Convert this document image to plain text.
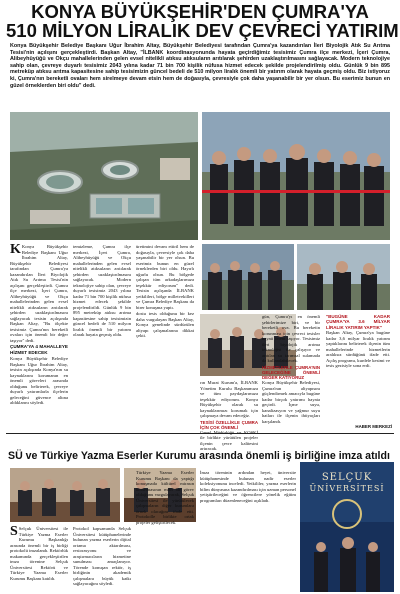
KONYA BÜYÜKŞEHİR'DEN ÇUMRA'YA
510 MİLYON LİRALIK DEV ÇEVRECİ YATIRIM
Konya Büyükşehir Belediye Başkanı Uğur İbrahim Altay, Büyükşehir Belediyesi tarafından Çumra'ya kazandırılan İleri Biyolojik Atık Su Arıtma Tesisi'nin açılışını gerçekleştirdi. Başkan Altay, "İLBANK koordinasyonunda hayata geçirdiğimiz tesisimiz Çumra ilçe merkezi, İçeri Çumra, Alibeyhüyüğü ve Okçu mahallelerinden gelen evsel nitelikli atıksu atıksuların arıtılarak şehirden uzaklaştırılmasını sağlayacak. Modern teknolojiye sahip olan, çevreye duyarlı tesisimiz 2043 yılına kadar 71 bin 700 kişilik nüfusa hizmet edecek şekilde projelendirilmiş oldu. Günlük 9 bin 895 metreküp atıksu arıtma kapasitesine sahip tesisimizin güncel bedeli de 510 milyon liralık önemli bir yatırım olarak hayata geçmiş oldu. Biz istiyoruz ki, Çumra'nın bereketli ovaları hem sirelmeye devam etsin hem de doğasıyla, çevresiyle çok daha yaşanabilir bir yer olsun. Bu eserimiz bunun en güzel örneklerden biri oldu" dedi.

K Konya Büyükşehir Belediye Başkanı Uğur İbrahim Altay, Büyükşehir Belediyesi tarafından Çumra'ya kazandırılan İleri Biyolojik Atık Su Arıtma Tesisi'nin açılışını gerçekleştirdi. Çumra ilçe merkezi, İçeri Çumra, Alibeyhüyüğü ve Okçu mahallelerinden gelen evsel nitelikli atıksuların arıtılarak şehirden uzaklaştırılmasını sağlayacak tesisin açılışında Başkan Altay, "Bu ölçekte tesisimiz Çumra'nın bereketli ovaları için önemli bir değer taşıyor" dedi.

ÇUMRA'YA 4 MAHALLEYE HİZMET EDECEK

Konya Büyükşehir Belediye Başkanı Uğur İbrahim Altay, tesisin açılışında Konya'nın su kaynaklarını korumanın en önemli görevleri arasında olduğunu belirterek, çevreye duyarlı yatırımlarla ilçelerin geleceğini güvence altına aldıklarını söyledi.

temizleme, Çumra ilçe merkezi, İçeri Çumra, Alibeyhüyüğü ve Okçu mahallelerinden gelen evsel nitelikli atıksuların arıtılarak şehirden uzaklaştırılmasını sağlayacak. Modern teknolojiye sahip olan, çevreye duyarlı tesisimiz 2043 yılına kadar 71 bin 700 kişilik nüfusa hizmet edecek şekilde projelendirildi. Günlük 9 bin 895 metreküp atıksu arıtma kapasitesine sahip tesisimizin güncel bedeli de 510 milyon liralık önemli bir yatırım olarak hayata geçmiş oldu.

üretimini devam ettiril hem de doğasıyla, çevresiyle çok daha yaşanabilir bir yer olsun. Bu eserimiz bunun en güzel örneklerden biri oldu. Hayırlı uğurlu olsun. Bu bölgede çalışan tüm arkadaşlarımıza teşekkür ediyorum" dedi. Tesisin açılışında İLBANK yetkilileri, bölge milletvekilleri ve Çumra Belediye Başkanı da birer konuşma yaptı.

dostu tesis olduğunu bir kez daha vurgulayan Başkan Altay, Konya genelinde sürdürülen altyapı çalışmalarına dikkat çekti.

rın Murat Kurum'a, İLBANK Yönetim Kurulu Başkanımıza ve tüm paydaşlarımıza teşekkür ediyorum. Konya Büyükşehir olarak su kaynaklarımızı korumak için çalışmaya devam edeceğiz.

TESİSİ ÖZELLİKLE ÇUMRA İÇİN ÇOK ÖNEMLİ

ile birlikte yürütülen projeler ilçenin çevre kalitesini artıracak.

gün, Çumra'yı en önemli şehirlerimize biri, ve bir bereketli ova. Bu bereketin korunması için çevreci tesisler hayati önem taşıyor. Tesisimiz ileri biyolojik arıtma teknolojisi ile çalışıyor ve arıtılan su tarımsal sulamada da kullanılabilecek.

HİZMETLERLE ÇUMRA'NIN GELECEĞİNE ÖNEMLİ DEĞER KATIYORUZ

Konya Büyükşehir Belediyesi, Çumra'nın altyapısını güçlendirmek amacıyla bugüne kadar birçok yatırımı hayata geçirdi. İçme suyu, kanalizasyon ve yağmur suyu hatları ile ilçenin ihtiyaçları karşılandı.

"BUGÜNE KADAR ÇUMRA'YA 3.6 MİLYAR LİRALIK YATIRIM YAPTIK"

Başkan Altay, Çumra'ya bugüne kadar 3,6 milyar liralık yatırım yaptıklarını belirterek ilçenin tüm mahallelerinde hizmetlerin aralıksız sürdüğünü ifade etti. Açılış programı, kurdele kesimi ve tesis gezisiyle sona erdi.

HABER MERKEZİ
SÜ ve Türkiye Yazma Eserler Kurumu arasında önemli iş birliğine imza atıldı
SELÇUK
ÜNİVERSİTESİ

S Selçuk Üniversitesi ile Türkiye Yazma Eserler Kurumu Başkanlığı arasında önemli bir iş birliği protokolü imzalandı. Rektörlük makamında gerçekleştirilen imza törenine Selçuk Üniversitesi Rektörü ve Türkiye Yazma Eserler Kurumu Başkanı katıldı.

Protokol kapsamında Selçuk Üniversitesi kütüphanelerinde bulunan yazma eserlerin dijital ortama aktarılması, restorasyonu ve araştırmacıların hizmetine sunulması amaçlanıyor. Törende konuşan rektör, iş birliğinin akademik çalışmalara büyük katkı sağlayacağını söyledi.

Türkiye Yazma Eserler Kurumu Başkanı da yaptığı konuşmada kültürel mirasın korunmasının milli bir görev olduğunu vurgulayarak, Selçuk Üniversitesi ile yürütülecek çalışmaların diğer kurumlara örnek olacağını ifade etti. Protokolle birlikte ortak projeler geliştirilecek.

İmza töreninin ardından heyet, üniversite kütüphanesinde bulunan nadir eserler koleksiyonunu inceledi. Yetkililer, yazma eserlerin bilim dünyasına kazandırılması için uzman personel yetiştirileceğini ve öğrencilere yönelik eğitim programları düzenleneceğini açıkladı.
